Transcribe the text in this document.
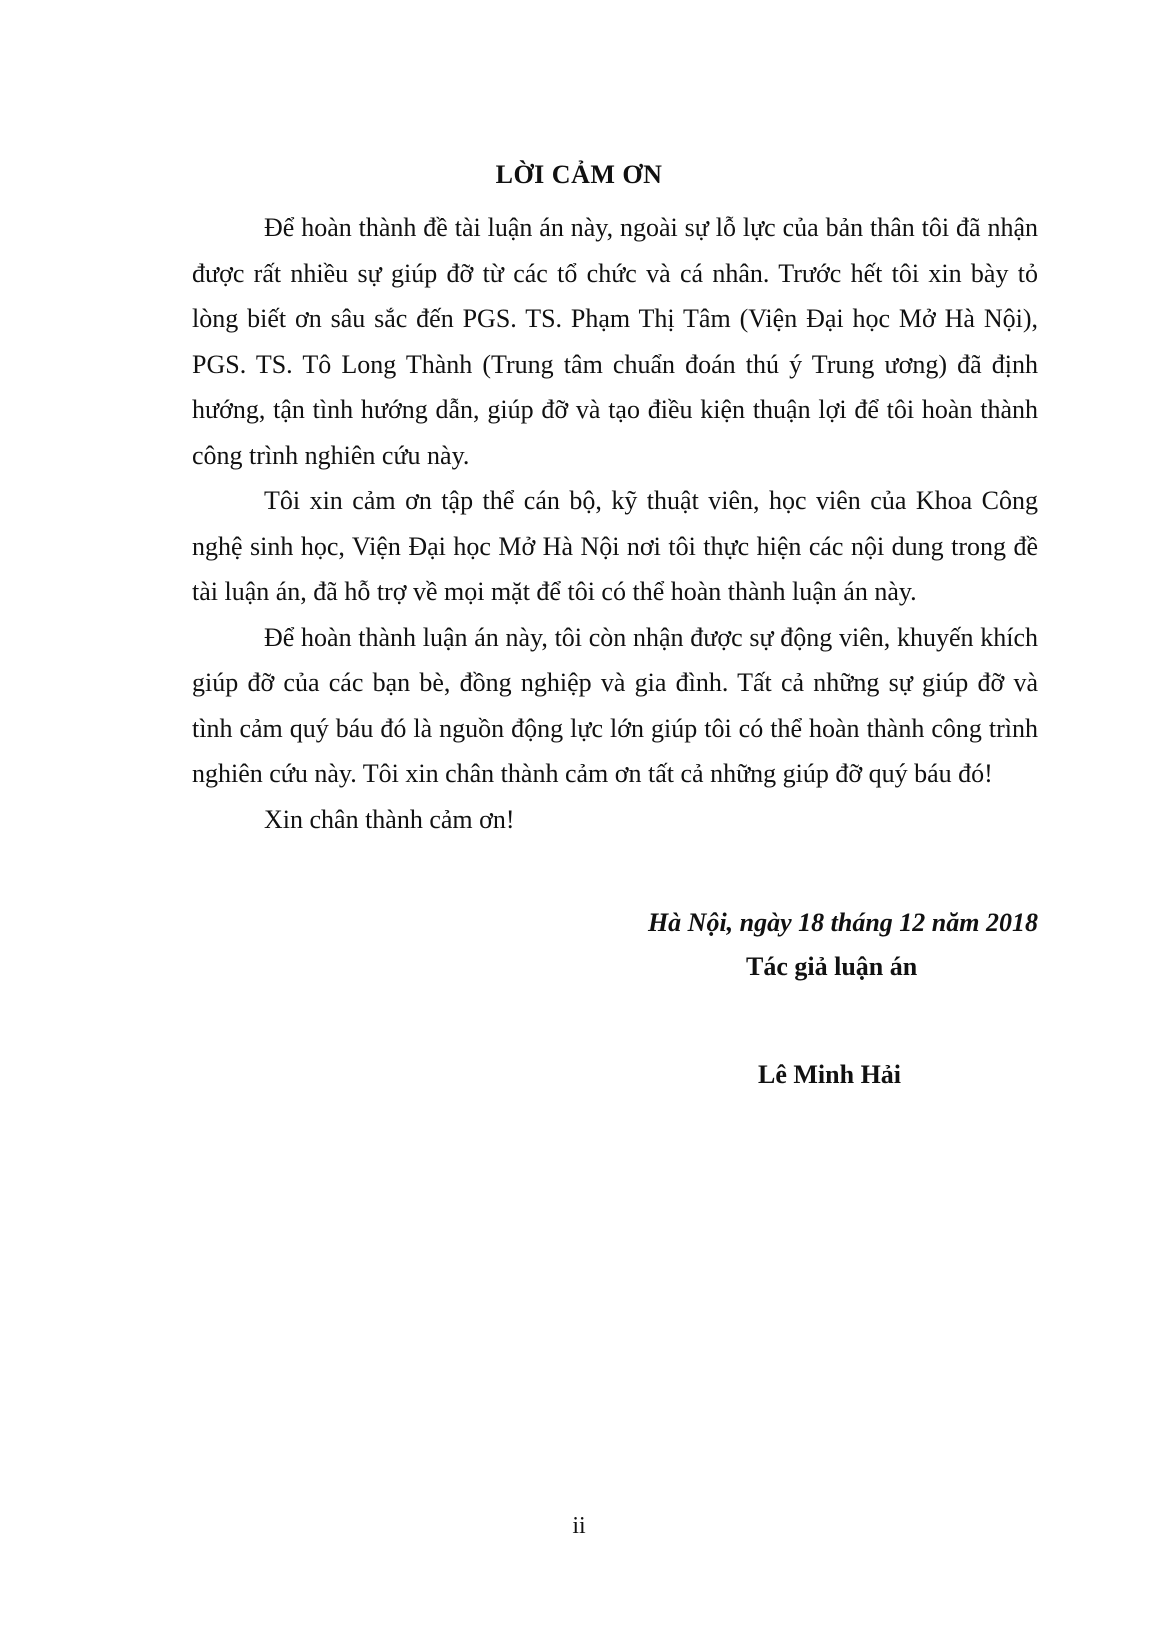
LỜI CẢM ƠN

Để hoàn thành đề tài luận án này, ngoài sự lỗ lực của bản thân tôi đã nhận được rất nhiều sự giúp đỡ từ các tổ chức và cá nhân. Trước hết tôi xin bày tỏ lòng biết ơn sâu sắc đến PGS. TS. Phạm Thị Tâm (Viện Đại học Mở Hà Nội), PGS. TS. Tô Long Thành (Trung tâm chuẩn đoán thú ý Trung ương) đã định hướng, tận tình hướng dẫn, giúp đỡ và tạo điều kiện thuận lợi để tôi hoàn thành công trình nghiên cứu này.

Tôi xin cảm ơn tập thể cán bộ, kỹ thuật viên, học viên của Khoa Công nghệ sinh học, Viện Đại học Mở Hà Nội nơi tôi thực hiện các nội dung trong đề tài luận án, đã hỗ trợ về mọi mặt để tôi có thể hoàn thành luận án này.

Để hoàn thành luận án này, tôi còn nhận được sự động viên, khuyến khích giúp đỡ của các bạn bè, đồng nghiệp và gia đình. Tất cả những sự giúp đỡ và tình cảm quý báu đó là nguồn động lực lớn giúp tôi có thể hoàn thành công trình nghiên cứu này. Tôi xin chân thành cảm ơn tất cả những giúp đỡ quý báu đó!

Xin chân thành cảm ơn!

Hà Nội, ngày 18 tháng 12 năm 2018
Tác giả luận án
Lê Minh Hải
ii
